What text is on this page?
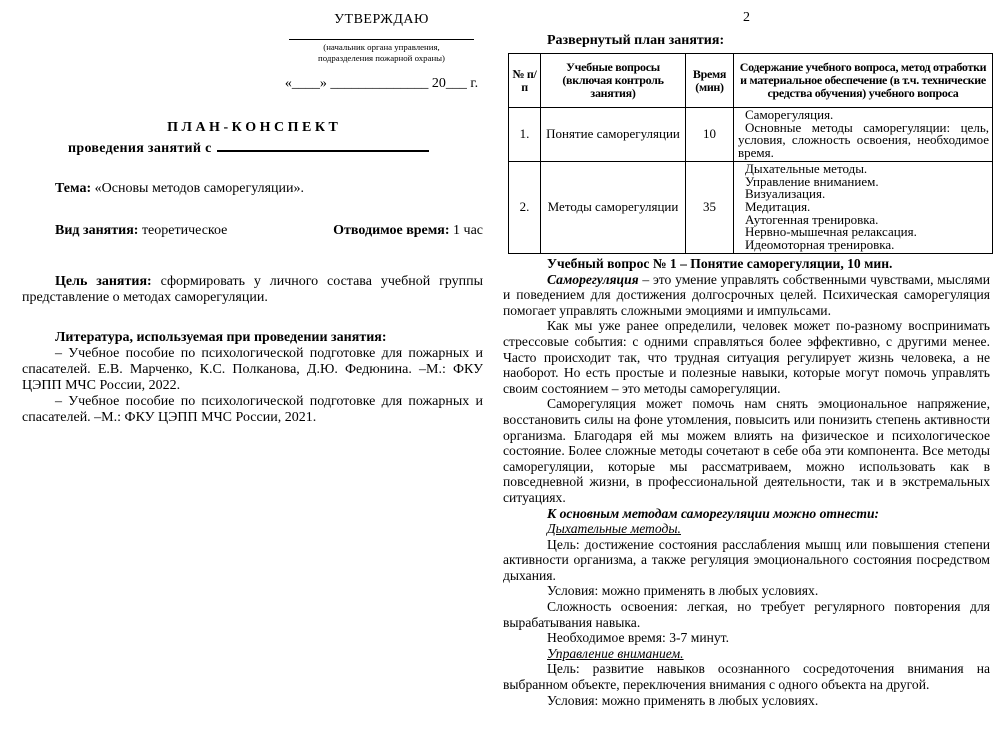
УТВЕРЖДАЮ
(начальник органа управления,
подразделения пожарной охраны)
«____» ______________ 20___ г.
П Л А Н - К О Н С П Е К Т
проведения занятий с
Тема: «Основы методов саморегуляции».
Вид занятия: теоретическое	Отводимое время: 1 час

Цель занятия: сформировать у личного состава учебной группы представление о методах саморегуляции.

Литература, используемая при проведении занятия:

– Учебное пособие по психологической подготовке для пожарных и спасателей. Е.В. Марченко, К.С. Полканова, Д.Ю. Федюнина. –М.: ФКУ ЦЭПП МЧС России, 2022.

– Учебное пособие по психологической подготовке для пожарных и спасателей. –М.: ФКУ ЦЭПП МЧС России, 2021.

2
Развернутый план занятия:
№ п/п	Учебные вопросы (включая контроль занятия)	Время (мин)	Содержание учебного вопроса, метод отработки и материальное обеспечение (в т.ч. технические средства обучения) учебного вопроса
1.	Понятие саморегуляции	10	Саморегуляция.
Основные методы саморегуляции: цель, условия, сложность освоения, необходимое время.

2.	Методы саморегуляции	35	
Дыхательные методы.
Управление вниманием.
Визуализация.
Медитация.
Аутогенная тренировка.
Нервно-мышечная релаксация.
Идеомоторная тренировка.

Учебный вопрос № 1 – Понятие саморегуляции, 10 мин.

Саморегуляция – это умение управлять собственными чувствами, мыслями и поведением для достижения долгосрочных целей. Психическая саморегуляция помогает управлять сложными эмоциями и импульсами.

Как мы уже ранее определили, человек может по-разному воспринимать стрессовые события: с одними справляться более эффективно, с другими менее. Часто происходит так, что трудная ситуация регулирует жизнь человека, а не наоборот. Но есть простые и полезные навыки, которые могут помочь управлять своим состоянием – это методы саморегуляции.

Саморегуляция может помочь нам снять эмоциональное напряжение, восстановить силы на фоне утомления, повысить или понизить степень активности организма. Благодаря ей мы можем влиять на физическое и психологическое состояние. Более сложные методы сочетают в себе оба эти компонента. Все методы саморегуляции, которые мы рассматриваем, можно использовать как в повседневной жизни, в профессиональной деятельности, так и в экстремальных ситуациях.

К основным методам саморегуляции можно отнести:

Дыхательные методы.

Цель: достижение состояния расслабления мышц или повышения степени активности организма, а также регуляция эмоционального состояния посредством дыхания.

Условия: можно применять в любых условиях.

Сложность освоения: легкая, но требует регулярного повторения для вырабатывания навыка.

Необходимое время: 3-7 минут.

Управление вниманием.

Цель: развитие навыков осознанного сосредоточения внимания на выбранном объекте, переключения внимания с одного объекта на другой.

Условия: можно применять в любых условиях.
